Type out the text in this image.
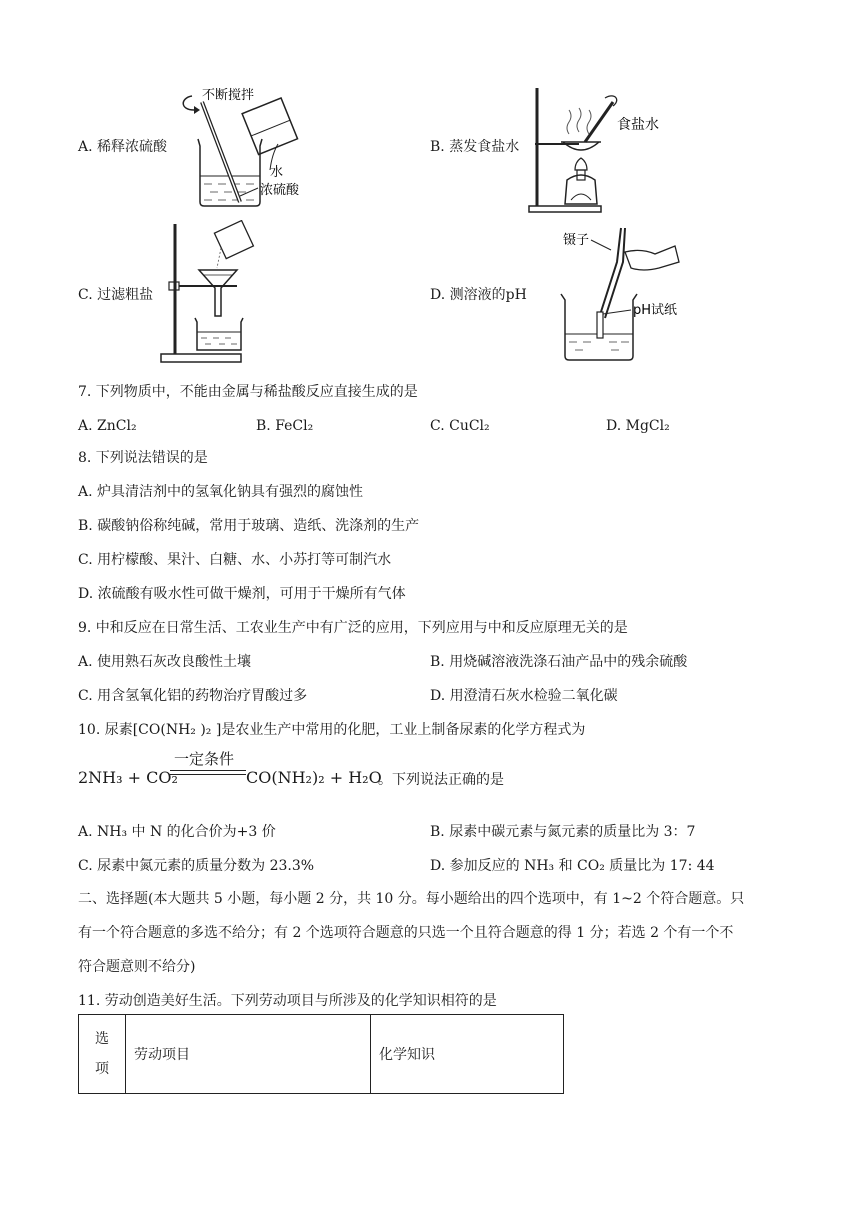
A. 稀释浓硫酸
不断搅拌
水
浓硫酸
B. 蒸发食盐水
食盐水
C. 过滤粗盐	D. 测溶液的pH
镊子
pH试纸
7. 下列物质中，不能由金属与稀盐酸反应直接生成的是
A. ZnCl₂	B. FeCl₂	C. CuCl₂	D. MgCl₂
8. 下列说法错误的是
A. 炉具清洁剂中的氢氧化钠具有强烈的腐蚀性
B. 碳酸钠俗称纯碱，常用于玻璃、造纸、洗涤剂的生产
C. 用柠檬酸、果汁、白糖、水、小苏打等可制汽水
D. 浓硫酸有吸水性可做干燥剂，可用于干燥所有气体
9. 中和反应在日常生活、工农业生产中有广泛的应用，下列应用与中和反应原理无关的是
A. 使用熟石灰改良酸性土壤	B. 用烧碱溶液洗涤石油产品中的残余硫酸
C. 用含氢氧化铝的药物治疗胃酸过多	D. 用澄清石灰水检验二氧化碳
10. 尿素[CO(NH₂ )₂ ]是农业生产中常用的化肥，工业上制备尿素的化学方程式为
2NH₃ + CO₂
一定条件
CO(NH₂)₂ + H₂O
。下列说法正确的是
A. NH₃ 中 N 的化合价为+3 价	B. 尿素中碳元素与氮元素的质量比为 3：7
C. 尿素中氮元素的质量分数为 23.3%	D. 参加反应的 NH₃ 和 CO₂ 质量比为 17: 44
二、选择题(本大题共 5 小题，每小题 2 分，共 10 分。每小题给出的四个选项中，有 1~2 个符合题意。只
有一个符合题意的多选不给分；有 2 个选项符合题意的只选一个且符合题意的得 1 分；若选 2 个有一个不
符合题意则不给分)
11. 劳动创造美好生活。下列劳动项目与所涉及的化学知识相符的是
选
项
	劳动项目	化学知识
